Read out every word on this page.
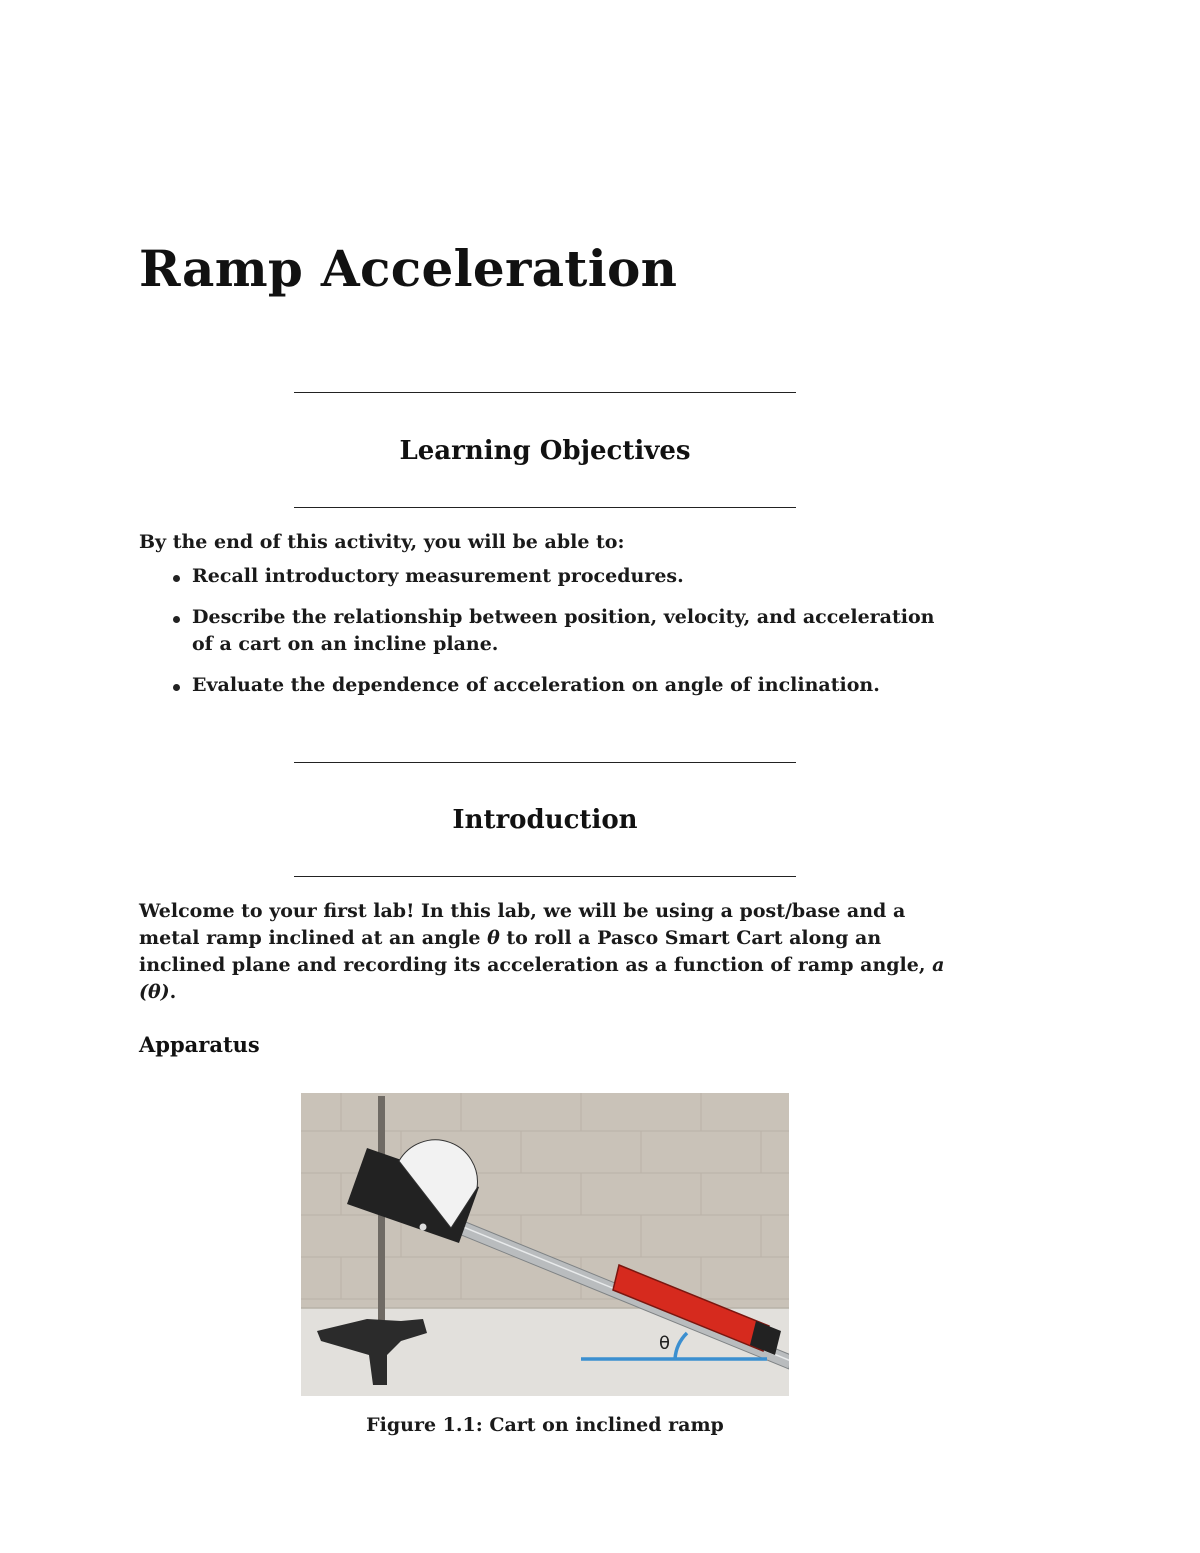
Ramp Acceleration
Learning Objectives
By the end of this activity, you will be able to:
Recall introductory measurement procedures.
Describe the relationship between position, velocity, and acceleration of a cart on an incline plane.
Evaluate the dependence of acceleration on angle of inclination.
Introduction
Welcome to your first lab! In this lab, we will be using a post/base and a metal ramp inclined at an angle θ to roll a Pasco Smart Cart along an inclined plane and recording its acceleration as a function of ramp angle, a (θ).
Apparatus
θ
Figure 1.1: Cart on inclined ramp
